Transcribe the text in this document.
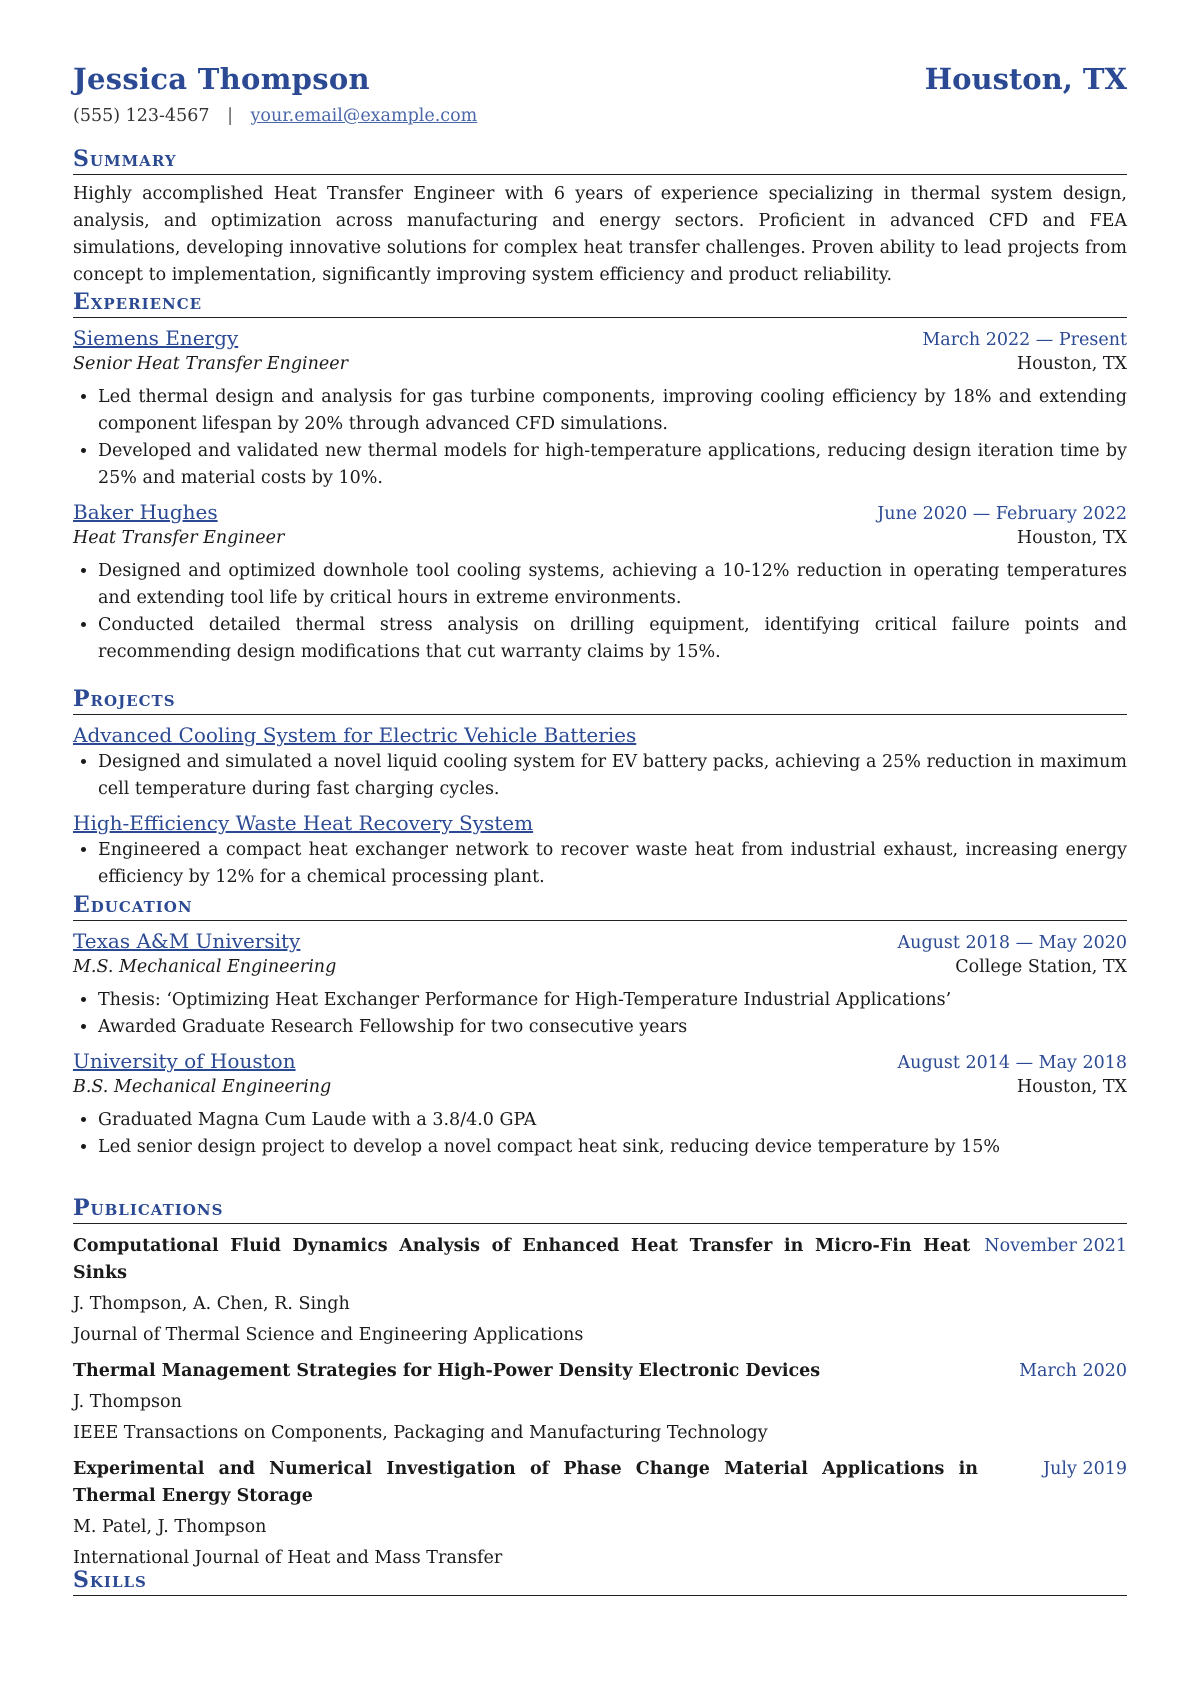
Jessica Thompson	Houston, TX
(555) 123-4567 | your.email@example.com
Summary
Highly accomplished Heat Transfer Engineer with 6 years of experience specializing in thermal system design, analysis, and optimization across manufacturing and energy sectors. Proficient in advanced CFD and FEA simulations, developing innovative solutions for complex heat transfer challenges. Proven ability to lead projects from concept to implementation, significantly improving system efficiency and product reliability.
Experience
Siemens Energy	March 2022 — Present
Senior Heat Transfer Engineer	Houston, TX
• Led thermal design and analysis for gas turbine components, improving cooling efficiency by 18% and extending component lifespan by 20% through advanced CFD simulations.
• Developed and validated new thermal models for high-temperature applications, reducing design iteration time by 25% and material costs by 10%.
Baker Hughes	June 2020 — February 2022
Heat Transfer Engineer	Houston, TX
• Designed and optimized downhole tool cooling systems, achieving a 10-12% reduction in operating temperatures and extending tool life by critical hours in extreme environments.
• Conducted detailed thermal stress analysis on drilling equipment, identifying critical failure points and recommending design modifications that cut warranty claims by 15%.
Projects
Advanced Cooling System for Electric Vehicle Batteries
• Designed and simulated a novel liquid cooling system for EV battery packs, achieving a 25% reduction in maximum cell temperature during fast charging cycles.
High-Efficiency Waste Heat Recovery System
• Engineered a compact heat exchanger network to recover waste heat from industrial exhaust, increasing energy efficiency by 12% for a chemical processing plant.
Education
Texas A&M University	August 2018 — May 2020
M.S. Mechanical Engineering	College Station, TX
• Thesis: ‘Optimizing Heat Exchanger Performance for High-Temperature Industrial Applications’
• Awarded Graduate Research Fellowship for two consecutive years
University of Houston	August 2014 — May 2018
B.S. Mechanical Engineering	Houston, TX
• Graduated Magna Cum Laude with a 3.8/4.0 GPA
• Led senior design project to develop a novel compact heat sink, reducing device temperature by 15%
Publications
Computational Fluid Dynamics Analysis of Enhanced Heat Transfer in Micro-Fin Heat Sinks
November 2021
J. Thompson, A. Chen, R. Singh
Journal of Thermal Science and Engineering Applications
Thermal Management Strategies for High-Power Density Electronic Devices	March 2020
J. Thompson
IEEE Transactions on Components, Packaging and Manufacturing Technology
Experimental and Numerical Investigation of Phase Change Material Applications in Thermal Energy Storage
July 2019
M. Patel, J. Thompson
International Journal of Heat and Mass Transfer
Skills
